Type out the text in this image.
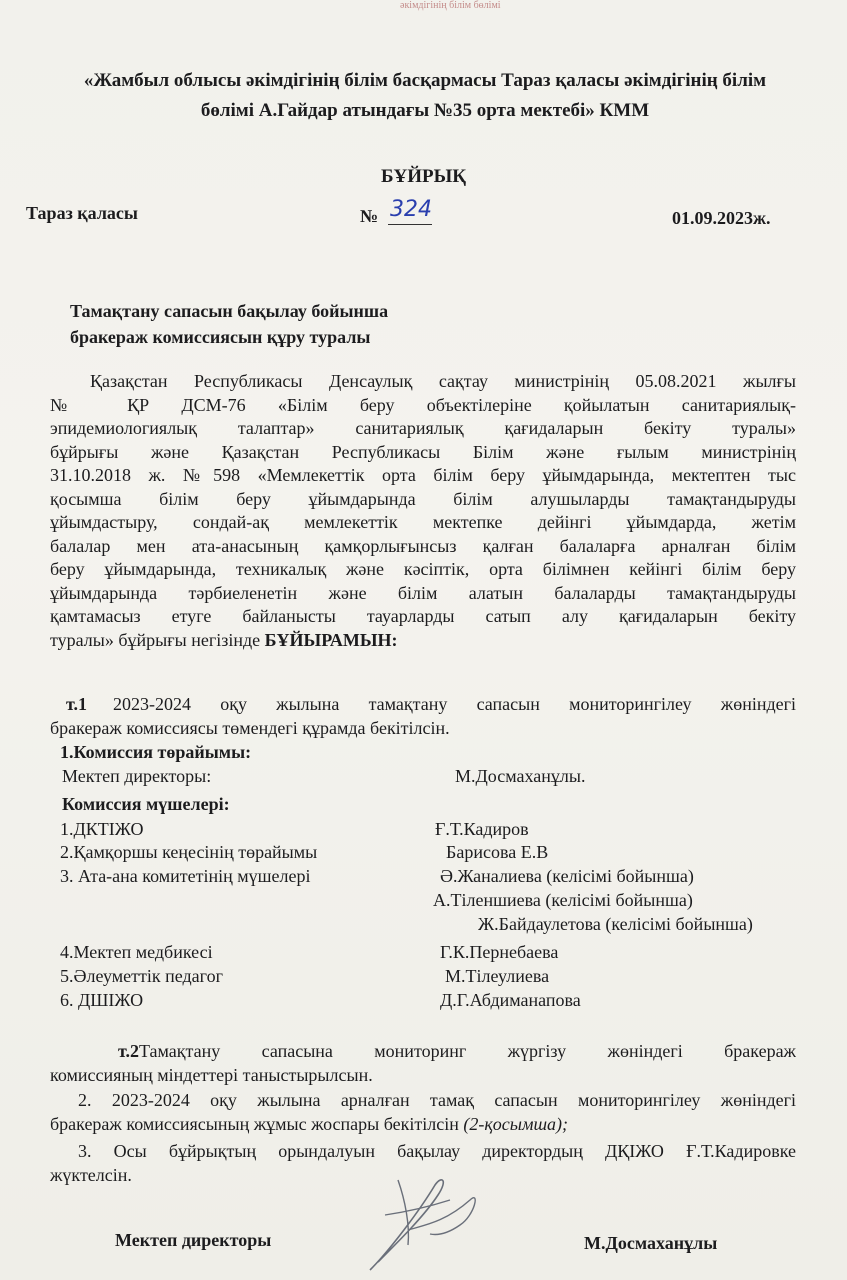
әкімдігінің білім бөлімі
«Жамбыл облысы әкімдігінің білім басқармасы Тараз қаласы әкімдігінің білім
бөлімі А.Гайдар атындағы №35 орта мектебі» КММ
БҰЙРЫҚ
Тараз қаласы	№ 324	01.09.2023ж.
Тамақтану сапасын бақылау бойынша
бракераж комиссиясын құру туралы
Қазақстан Республикасы Денсаулық сақтау министрінің 05.08.2021 жылғы
№ ҚР ДСМ-76 «Білім беру объектілеріне қойылатын санитариялық-
эпидемиологиялық талаптар» санитариялық қағидаларын бекіту туралы»
бұйрығы және Қазақстан Республикасы Білім және ғылым министрінің
31.10.2018 ж. №598 «Мемлекеттік орта білім беру ұйымдарында, мектептен тыс
қосымша білім беру ұйымдарында білім алушыларды тамақтандыруды
ұйымдастыру, сондай-ақ мемлекеттік мектепке дейінгі ұйымдарда, жетім
балалар мен ата-анасының қамқорлығынсыз қалған балаларға арналған білім
беру ұйымдарында, техникалық және кәсіптік, орта білімнен кейінгі білім беру
ұйымдарында тәрбиеленетін және білім алатын балаларды тамақтандыруды
қамтамасыз етуге байланысты тауарларды сатып алу қағидаларын бекіту
туралы» бұйрығы негізінде БҰЙЫРАМЫН:
т.1 2023-2024 оқу жылына тамақтану сапасын мониторингілеу жөніндегі
бракераж комиссиясы төмендегі құрамда бекітілсін.
1.Комиссия төрайымы:
Мектеп директоры:	М.Досмаханұлы.
Комиссия мүшелері:
1.ДКТІЖО	Ғ.Т.Кадиров
2.Қамқоршы кеңесінің төрайымы	Барисова Е.В
3. Ата-ана комитетінің мүшелері	Ә.Жаналиева (келісімі бойынша)
А.Тіленшиева (келісімі бойынша)
Ж.Байдаулетова (келісімі бойынша)
4.Мектеп медбикесі	Г.К.Пернебаева
5.Әлеуметтік педагог	М.Тілеулиева
6. ДШІЖО	Д.Г.Абдиманапова
т.2Тамақтану сапасына мониторинг жүргізу жөніндегі бракераж
комиссияның міндеттері таныстырылсын.
2. 2023-2024 оқу жылына арналған тамақ сапасын мониторингілеу жөніндегі
бракераж комиссиясының жұмыс жоспары бекітілсін (2-қосымша);
3. Осы бұйрықтың орындалуын бақылау директордың ДҚІЖО Ғ.Т.Кадировке
жүктелсін.
Мектеп директоры	М.Досмаханұлы
